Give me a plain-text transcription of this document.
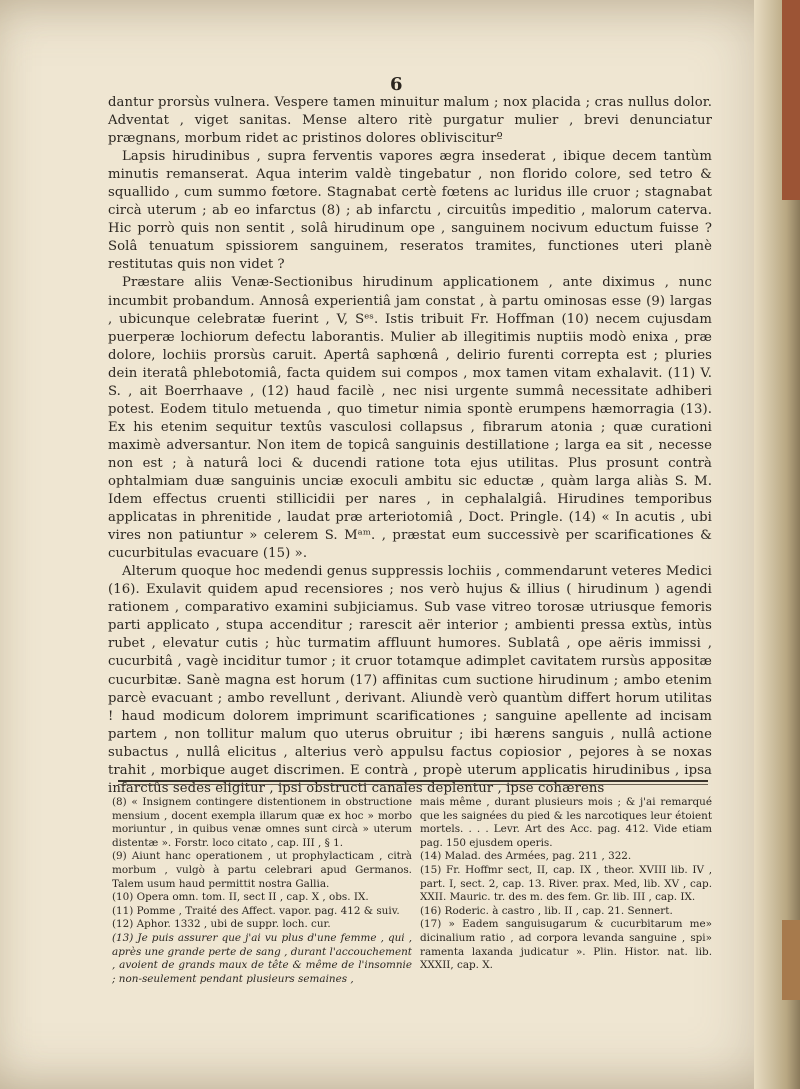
6

dantur prorsùs vulnera. Vespere tamen minuitur malum ; nox placida ; cras nullus dolor. Adventat , viget sanitas. Mense altero ritè purgatur mulier , brevi denunciatur prægnans, morbum ridet ac pristinos dolores oblivisciturº

Lapsis hirudinibus , supra ferventis vapores ægra insederat , ibique decem tantùm minutis remanserat. Aqua interim valdè tingebatur , non florido colore, sed tetro & squallido , cum summo fœtore. Stagnabat certè fœtens ac luridus ille cruor ; stagnabat circà uterum ; ab eo infarctus (8) ; ab infarctu , circuitûs impeditio , malorum caterva. Hic porrò quis non sentit , solâ hirudinum ope , sanguinem nocivum eductum fuisse ? Solâ tenuatum spissiorem sanguinem, reseratos tramites, functiones uteri planè restitutas quis non videt ?

Præstare aliis Venæ-Sectionibus hirudinum applicationem , ante diximus , nunc incumbit probandum. Annosâ experientiâ jam constat , à partu ominosas esse (9) largas , ubicunque celebratæ fuerint , V, Sᵉˢ. Istis tribuit Fr. Hoffman (10) necem cujusdam puerperæ lochiorum defectu laborantis. Mulier ab illegitimis nuptiis modò enixa , præ dolore, lochiis prorsùs caruit. Apertâ saphœnâ , delirio furenti correpta est ; pluries dein iteratâ phlebotomiâ, facta quidem sui compos , mox tamen vitam exhalavit. (11) V. S. , ait Boerrhaave , (12) haud facilè , nec nisi urgente summâ necessitate adhiberi potest. Eodem titulo metuenda , quo timetur nimia spontè erumpens hæmorragia (13). Ex his etenim sequitur textûs vasculosi collapsus , fibrarum atonia ; quæ curationi maximè adversantur. Non item de topicâ sanguinis destillatione ; larga ea sit , necesse non est ; à naturâ loci & ducendi ratione tota ejus utilitas. Plus prosunt contrà ophtalmiam duæ sanguinis unciæ exoculi ambitu sic eductæ , quàm larga aliàs S. M. Idem effectus cruenti stillicidii per nares , in cephalalgiâ. Hirudines temporibus applicatas in phrenitide , laudat præ arteriotomiâ , Doct. Pringle. (14) « In acutis , ubi vires non patiuntur » celerem S. Mᵃᵐ. , præstat eum successivè per scarificationes & cucurbitulas evacuare (15) ».

Alterum quoque hoc medendi genus suppressis lochiis , commendarunt veteres Medici (16). Exulavit quidem apud recensiores ; nos verò hujus & illius ( hirudinum ) agendi rationem , comparativo examini subjiciamus. Sub vase vitreo torosæ utriusque femoris parti applicato , stupa accenditur ; rarescit aër interior ; ambienti pressa extùs, intùs rubet , elevatur cutis ; hùc turmatim affluunt humores. Sublatâ , ope aëris immissi , cucurbitâ , vagè inciditur tumor ; it cruor totamque adimplet cavitatem rursùs appositæ cucurbitæ. Sanè magna est horum (17) affinitas cum suctione hirudinum ; ambo etenim parcè evacuant ; ambo revellunt , derivant. Aliundè verò quantùm differt horum utilitas ! haud modicum dolorem imprimunt scarificationes ; sanguine apellente ad incisam partem , non tollitur malum quo uterus obruitur ; ibi hærens sanguis , nullâ actione subactus , nullâ elicitus , alterius verò appulsu factus copiosior , pejores à se noxas trahit , morbique auget discrimen. E contrà , propè uterum applicatis hirudinibus , ipsa infarctûs sedes eligitur , ipsi obstructi canales deplentur , ipse cohærens

(8) « Insignem contingere distentionem in obstructione mensium , docent exempla illarum quæ ex hoc » morbo moriuntur , in quibus venæ omnes sunt circà » uterum distentæ ». Forstr. loco citato , cap. III , § 1.

(9) Aiunt hanc operationem , ut prophylacticam , citrà morbum , vulgò à partu celebrari apud Germanos. Talem usum haud permittit nostra Gallia.

(10) Opera omn. tom. II, sect II , cap. X , obs. IX.

(11) Pomme , Traité des Affect. vapor. pag. 412 & suiv.

(12) Aphor. 1332 , ubi de suppr. loch. cur.

(13) Je puis assurer que j'ai vu plus d'une femme , qui , après une grande perte de sang , durant l'accouchement , avoient de grands maux de tête & même de l'insomnie ; non-seulement pendant plusieurs semaines ,

mais même , durant plusieurs mois ; & j'ai remarqué que les saignées du pied & les narcotiques leur étoient mortels. . . . Levr. Art des Acc. pag. 412. Vide etiam pag. 150 ejusdem operis.

(14) Malad. des Armées, pag. 211 , 322.

(15) Fr. Hoffmr sect, II, cap. IX , theor. XVIII lib. IV , part. I, sect. 2, cap. 13. River. prax. Med, lib. XV , cap. XXII. Mauric. tr. des m. des fem. Gr. lib. III , cap. IX.

(16) Roderic. à castro , lib. II , cap. 21. Sennert.

(17) » Eadem sanguisugarum & cucurbitarum me» dicinalium ratio , ad corpora levanda sanguine , spi» ramenta laxanda judicatur ». Plin. Histor. nat. lib. XXXII, cap. X.
